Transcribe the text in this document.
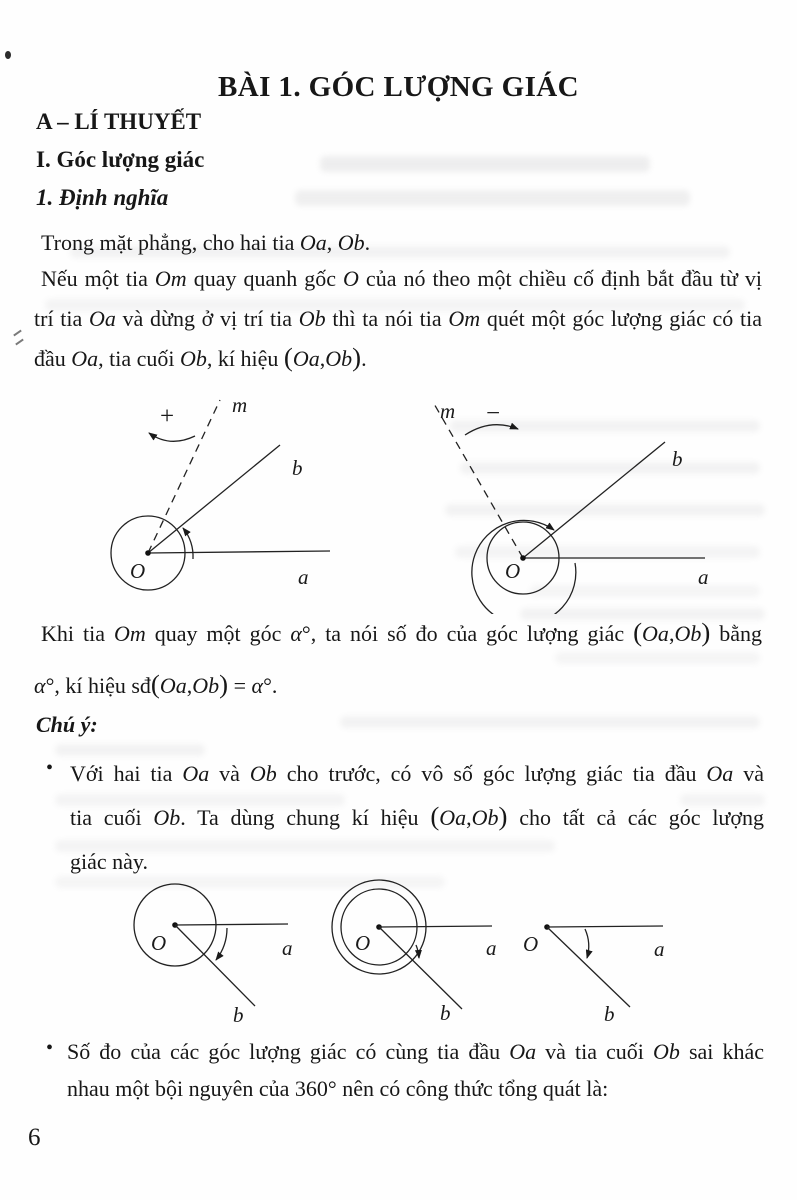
BÀI 1. GÓC LƯỢNG GIÁC
A – LÍ THUYẾT
I. Góc lượng giác
1. Định nghĩa
Trong mặt phẳng, cho hai tia Oa, Ob.
Nếu một tia Om quay quanh gốc O của nó theo một chiều cố định bắt đầu từ vị
trí tia Oa và dừng ở vị trí tia Ob thì ta nói tia Om quét một góc lượng giác có tia
đầu Oa, tia cuối Ob, kí hiệu (Oa,Ob).
m
+
O	a
b
m −
O	a
b
Khi tia Om quay một góc α°, ta nói số đo của góc lượng giác (Oa,Ob) bằng
α°, kí hiệu sđ(Oa,Ob) = α°.
Chú ý:
• Với hai tia Oa và Ob cho trước, có vô số góc lượng giác tia đầu Oa và
tia cuối Ob. Ta dùng chung kí hiệu (Oa,Ob) cho tất cả các góc lượng
giác này.
O	a
b
O	a
b
O	a
b
• Số đo của các góc lượng giác có cùng tia đầu Oa và tia cuối Ob sai khác
nhau một bội nguyên của 360° nên có công thức tổng quát là:
6
